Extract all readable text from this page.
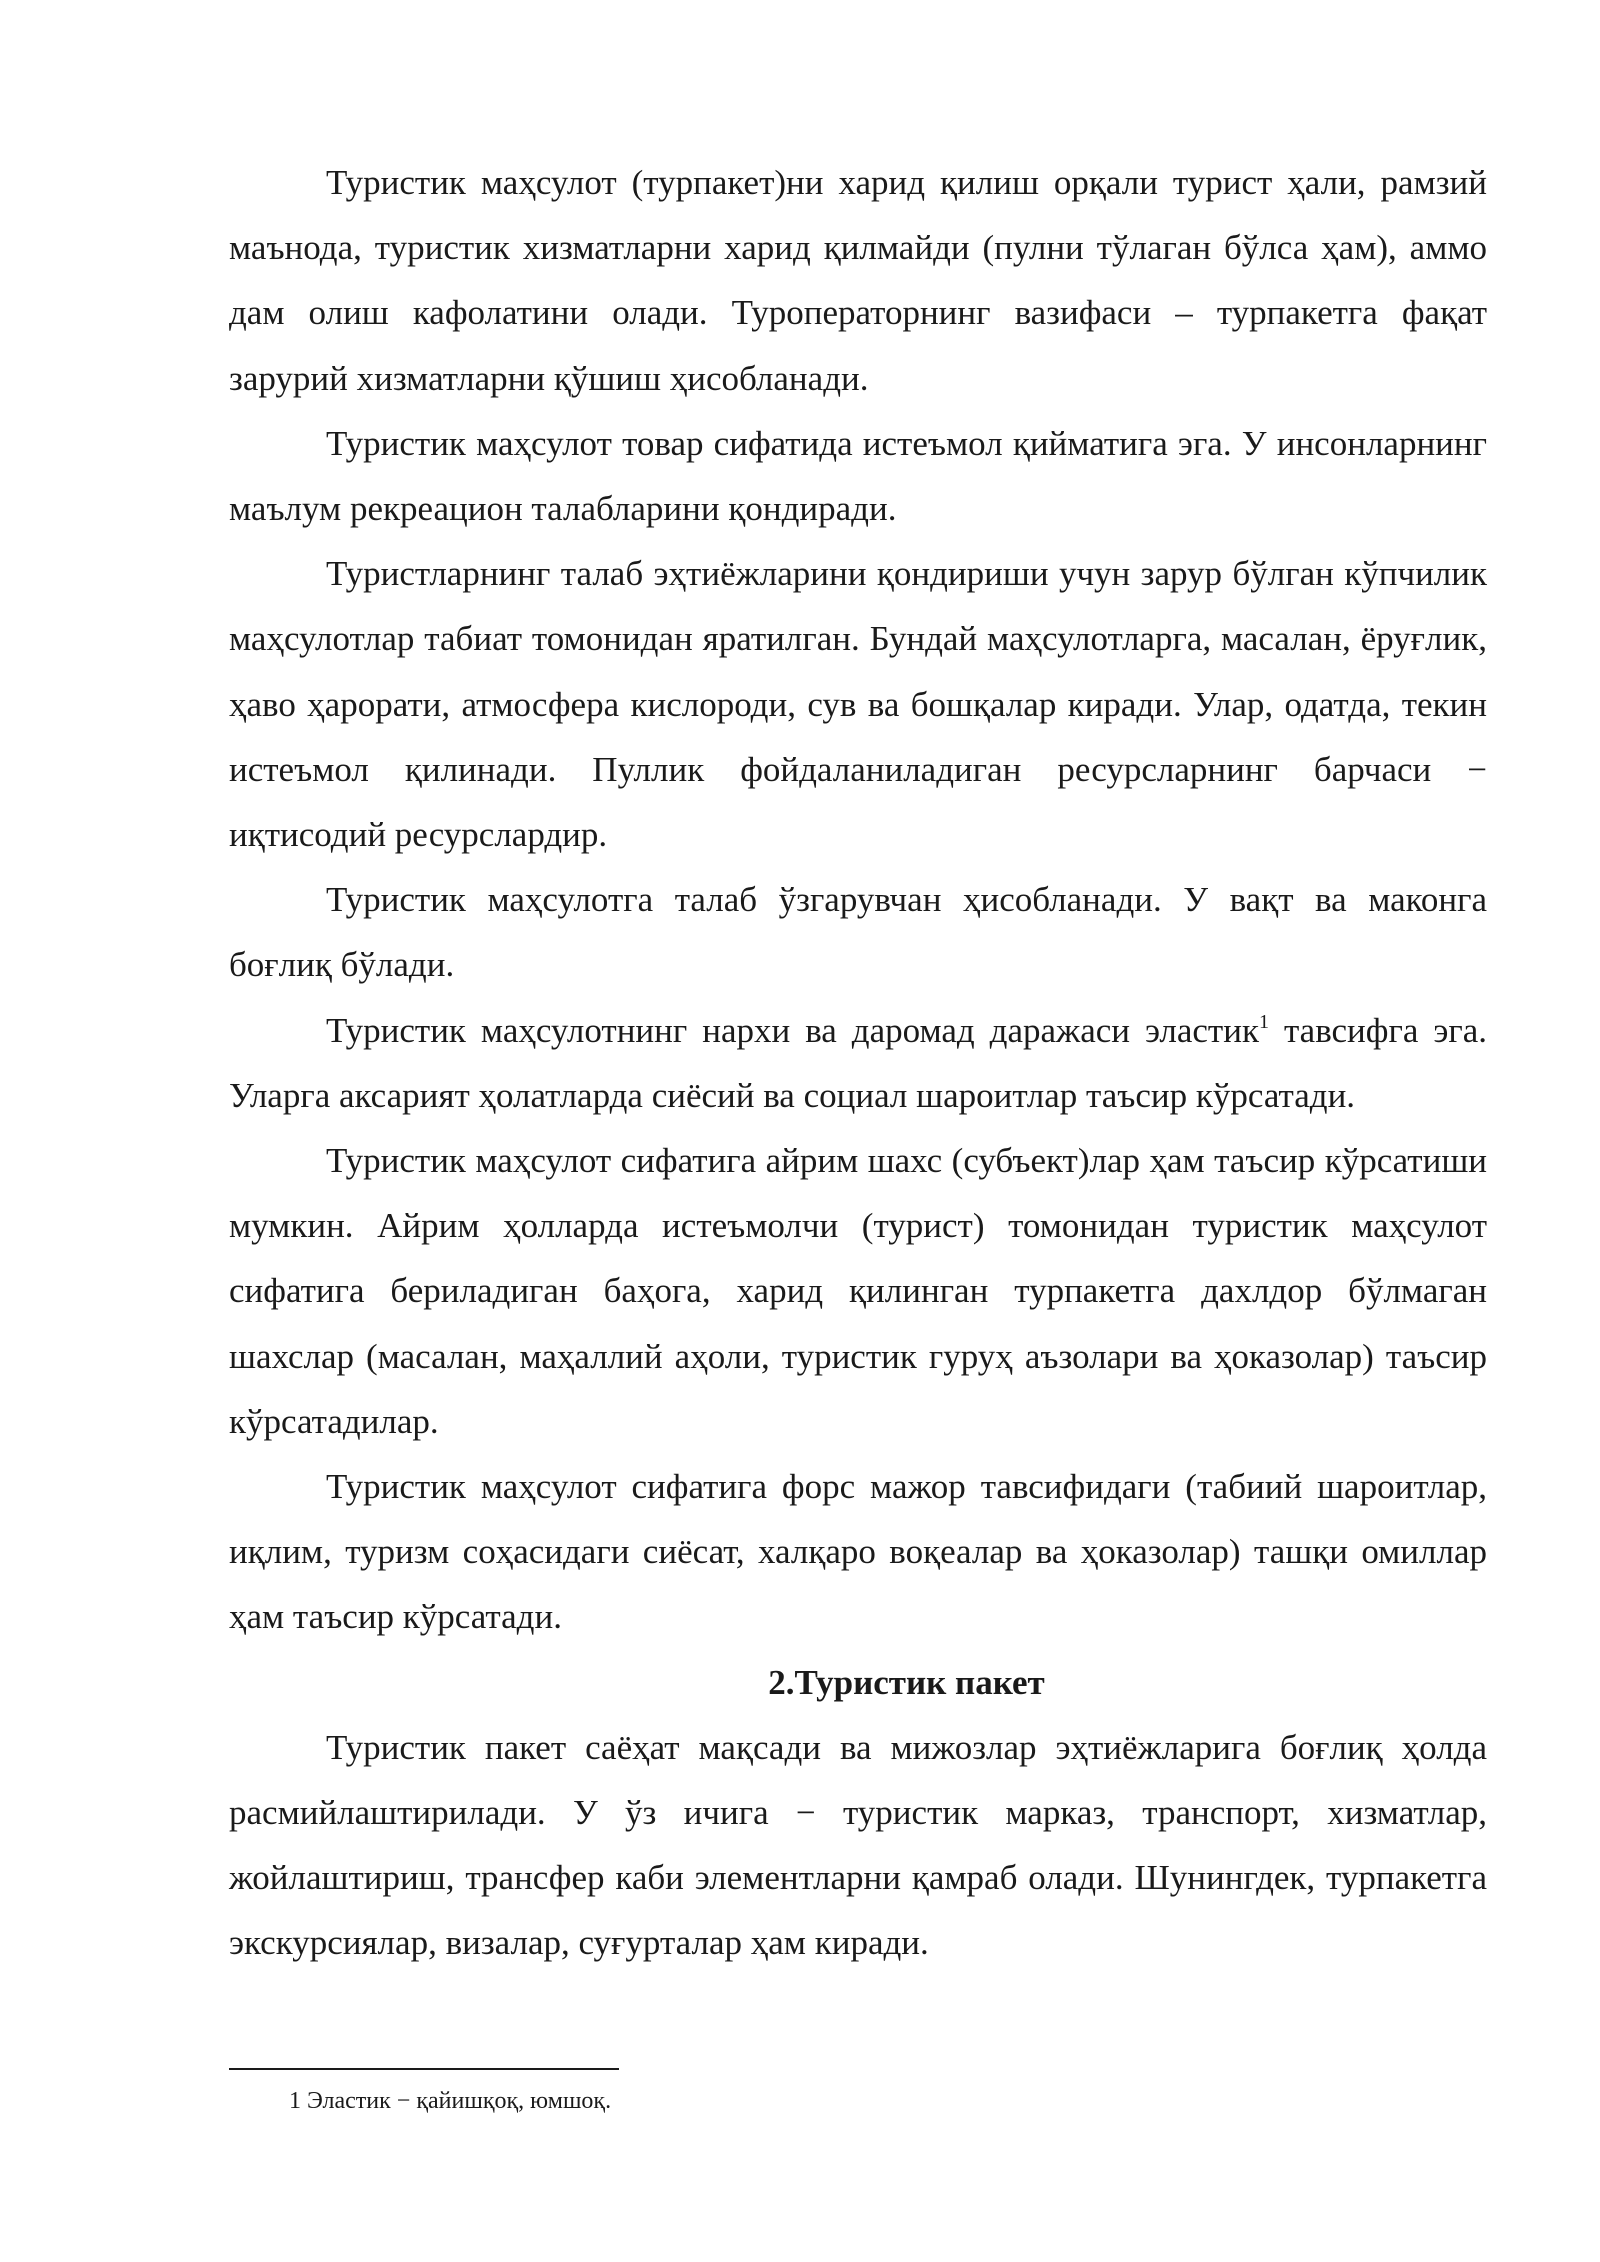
Туристик маҳсулот (турпакет)ни харид қилиш орқали турист ҳали, рамзий маънода, туристик хизматларни харид қилмайди (пулни тўлаган бўлса ҳам), аммо дам олиш кафолатини олади. Туроператорнинг вазифаси – турпакетга фақат зарурий хизматларни қўшиш ҳисобланади.

Туристик маҳсулот товар сифатида истеъмол қийматига эга. У инсонларнинг маълум рекреацион талабларини қондиради.

Туристларнинг талаб эҳтиёжларини қондириши учун зарур бўлган кўпчилик маҳсулотлар табиат томонидан яратилган. Бундай маҳсулотларга, масалан, ёруғлик, ҳаво ҳарорати, атмосфера кислороди, сув ва бошқалар киради. Улар, одатда, текин истеъмол қилинади. Пуллик фойдаланиладиган ресурсларнинг барчаси − иқтисодий ресурслардир.

Туристик маҳсулотга талаб ўзгарувчан ҳисобланади. У вақт ва маконга боғлиқ бўлади.

Туристик маҳсулотнинг нархи ва даромад даражаси эластик$^1$ тавсифга эга. Уларга аксарият ҳолатларда сиёсий ва социал шароитлар таъсир кўрсатади.

Туристик маҳсулот сифатига айрим шахс (субъект)лар ҳам таъсир кўрсатиши мумкин. Айрим ҳолларда истеъмолчи (турист) томонидан туристик маҳсулот сифатига бериладиган баҳога, харид қилинган турпакетга дахлдор бўлмаган шахслар (масалан, маҳаллий аҳоли, туристик гуруҳ аъзолари ва ҳоказолар) таъсир кўрсатадилар.

Туристик маҳсулот сифатига форс мажор тавсифидаги (табиий шароитлар, иқлим, туризм соҳасидаги сиёсат, халқаро воқеалар ва ҳоказолар) ташқи омиллар ҳам таъсир кўрсатади.

2.Туристик пакет

Туристик пакет саёҳат мақсади ва мижозлар эҳтиёжларига боғлиқ ҳолда расмийлаштирилади. У ўз ичига − туристик марказ, транспорт, хизматлар, жойлаштириш, трансфер каби элементларни қамраб олади. Шунингдек, турпакетга экскурсиялар, визалар, суғурталар ҳам киради.

1 Эластик − қайишқоқ, юмшоқ.
